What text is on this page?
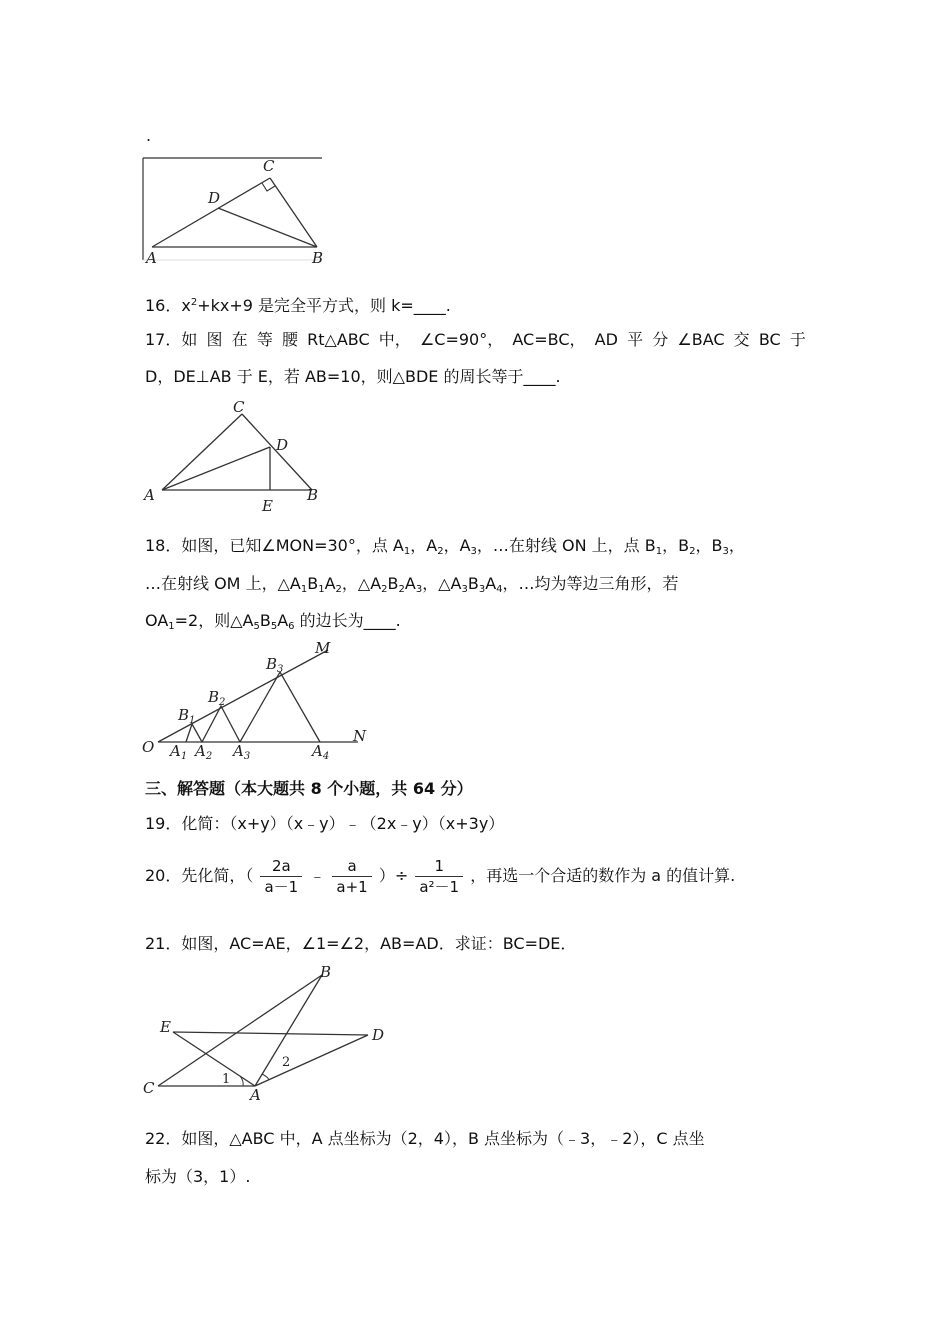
.
A	B
C
D
16．$x^2+kx+9$ 是完全平方式，则 k=____.
17．如 图 在 等 腰 Rt△ABC 中， ∠C=90°， AC=BC， AD 平 分 ∠BAC 交 BC 于
D，DE⊥AB 于 E，若 AB=10，则△BDE 的周长等于____.
A	B
C
D
E
18．如图，已知∠MON=30°，点 $A_1$，$A_2$，$A_3$，…在射线 ON 上，点 $B_1$，$B_2$，$B_3$，
…在射线 OM 上，$\triangle A_1B_1A_2$，$\triangle A_2B_2A_3$，$\triangle A_3B_3A_4$，…均为等边三角形，若
$OA_1=2$，则$\triangle A_5B_5A_6$ 的边长为____.
O
N
M
$A_1$ $A_2$ $A_3$	$A_4$
$B_1$
$B_2$
$B_3$
三、解答题（本大题共 8 个小题，共 64 分）
19．化简：（x+y）（x﹣y）﹣（2x﹣y）（x+3y）
20．先化简，（ $\frac{2a}{a-1}$ ﹣ $\frac{a}{a+1}$ ）÷ $\frac{1}{\text{a²－1}}$ ，再选一个合适的数作为 a 的值计算.
21．如图，AC=AE，∠1=∠2，AB=AD．求证：BC=DE．
C
E
B
D
A
1
2
22．如图，△ABC 中，A 点坐标为（2，4），B 点坐标为（﹣3，﹣2），C 点坐
标为（3，1）.
